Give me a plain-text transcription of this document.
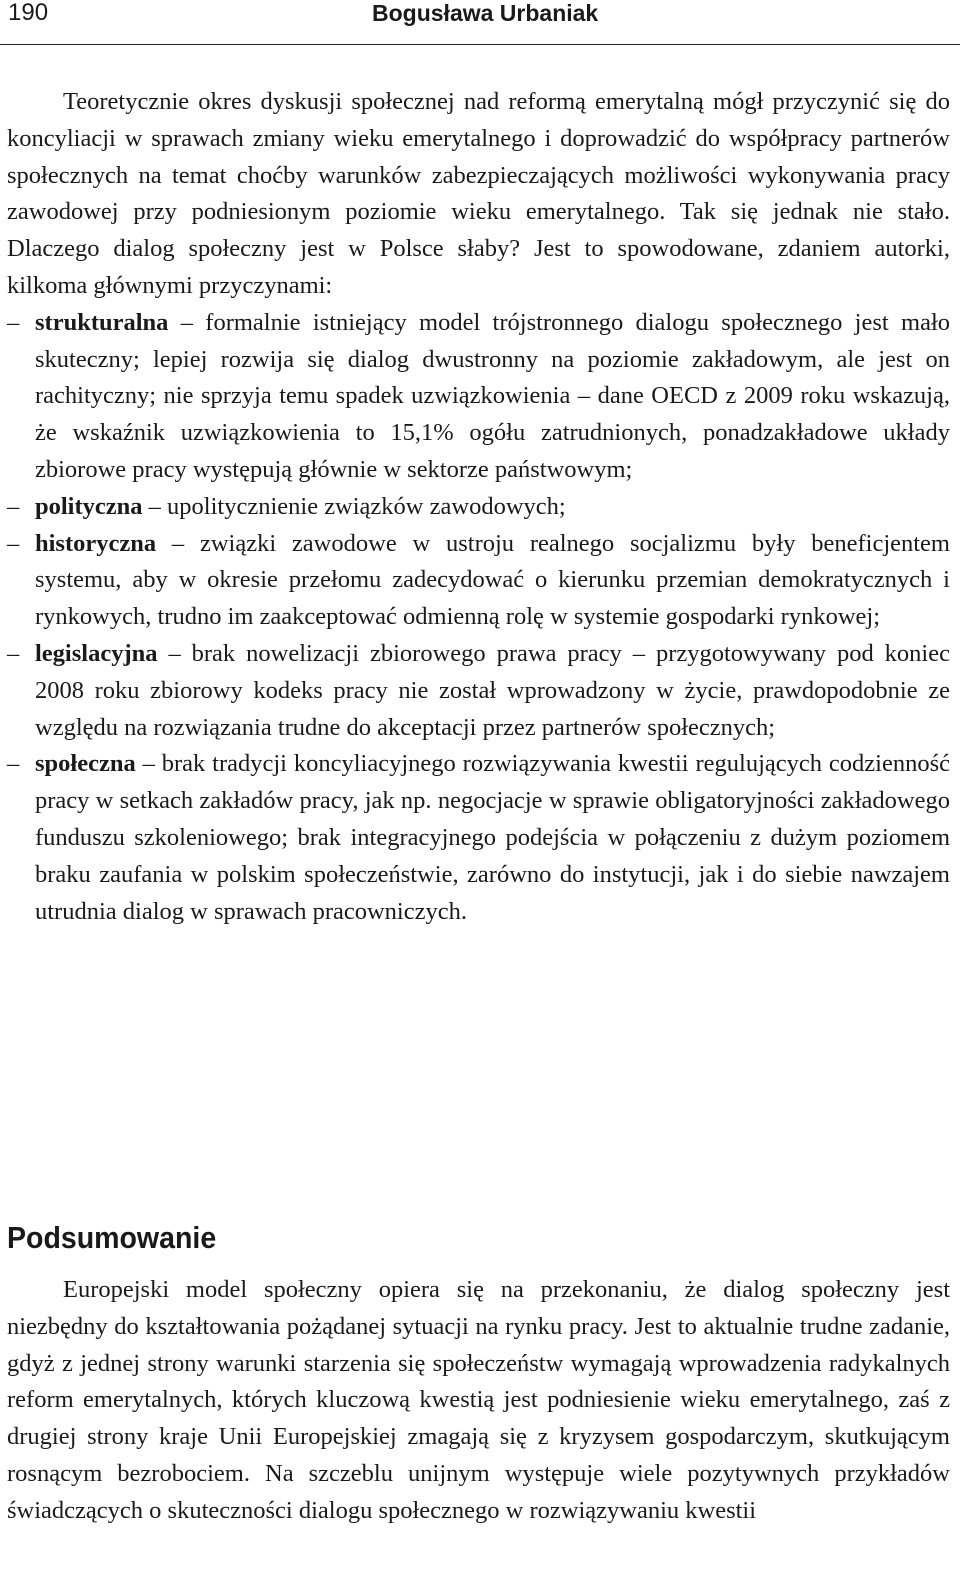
190	Bogusława Urbaniak

Teoretycznie okres dyskusji społecznej nad reformą emerytalną mógł przyczynić się do koncyliacji w sprawach zmiany wieku emerytalnego i doprowadzić do współpracy partnerów społecznych na temat choćby warunków zabezpieczających możliwości wykonywania pracy zawodowej przy podniesionym poziomie wieku emerytalnego. Tak się jednak nie stało. Dlaczego dialog społeczny jest w Polsce słaby? Jest to spowodowane, zdaniem autorki, kilkoma głównymi przyczynami:

– strukturalna – formalnie istniejący model trójstronnego dialogu społecznego jest mało skuteczny; lepiej rozwija się dialog dwustronny na poziomie zakładowym, ale jest on rachityczny; nie sprzyja temu spadek uzwiązkowienia – dane OECD z 2009 roku wskazują, że wskaźnik uzwiązkowienia to 15,1% ogółu zatrudnionych, ponadzakładowe układy zbiorowe pracy występują głównie w sektorze państwowym;
– polityczna – upolitycznienie związków zawodowych;
– historyczna – związki zawodowe w ustroju realnego socjalizmu były beneficjentem systemu, aby w okresie przełomu zadecydować o kierunku przemian demokratycznych i rynkowych, trudno im zaakceptować odmienną rolę w systemie gospodarki rynkowej;
– legislacyjna – brak nowelizacji zbiorowego prawa pracy – przygotowywany pod koniec 2008 roku zbiorowy kodeks pracy nie został wprowadzony w życie, prawdopodobnie ze względu na rozwiązania trudne do akceptacji przez partnerów społecznych;
– społeczna – brak tradycji koncyliacyjnego rozwiązywania kwestii regulujących codzienność pracy w setkach zakładów pracy, jak np. negocjacje w sprawie obligatoryjności zakładowego funduszu szkoleniowego; brak integracyjnego podejścia w połączeniu z dużym poziomem braku zaufania w polskim społeczeństwie, zarówno do instytucji, jak i do siebie nawzajem utrudnia dialog w sprawach pracowniczych.
Podsumowanie

Europejski model społeczny opiera się na przekonaniu, że dialog społeczny jest niezbędny do kształtowania pożądanej sytuacji na rynku pracy. Jest to aktualnie trudne zadanie, gdyż z jednej strony warunki starzenia się społeczeństw wymagają wprowadzenia radykalnych reform emerytalnych, których kluczową kwestią jest podniesienie wieku emerytalnego, zaś z drugiej strony kraje Unii Europejskiej zmagają się z kryzysem gospodarczym, skutkującym rosnącym bezrobociem. Na szczeblu unijnym występuje wiele pozytywnych przykładów świadczących o skuteczności dialogu społecznego w rozwiązywaniu kwestii
